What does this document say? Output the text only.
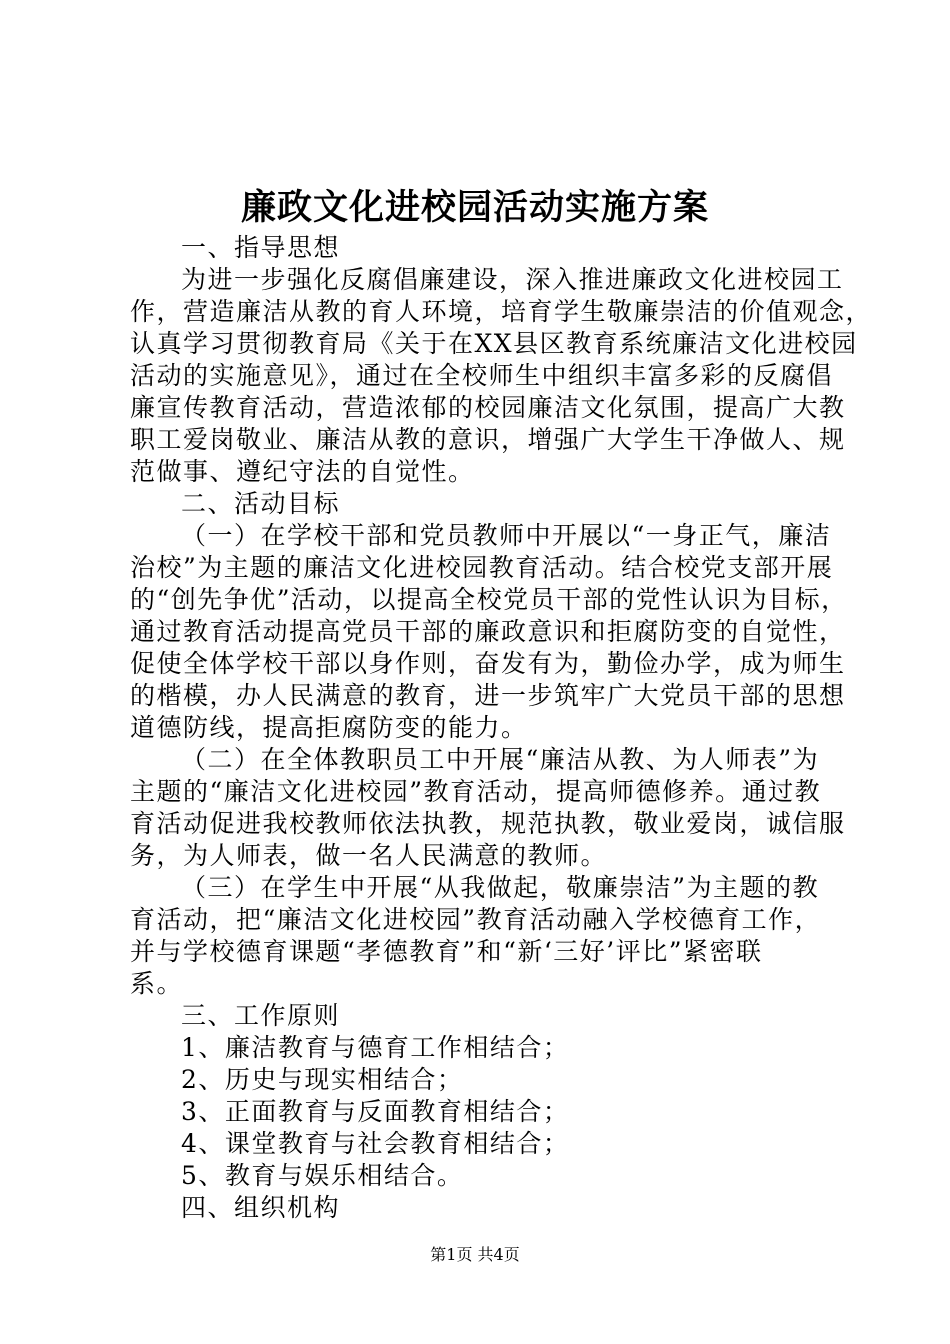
廉政文化进校园活动实施方案
一、指导思想
为进一步强化反腐倡廉建设，深入推进廉政文化进校园工
作，营造廉洁从教的育人环境，培育学生敬廉崇洁的价值观念，
认真学习贯彻教育局《关于在XX县区教育系统廉洁文化进校园
活动的实施意见》，通过在全校师生中组织丰富多彩的反腐倡
廉宣传教育活动，营造浓郁的校园廉洁文化氛围，提高广大教
职工爱岗敬业、廉洁从教的意识，增强广大学生干净做人、规
范做事、遵纪守法的自觉性。
二、活动目标
（一）在学校干部和党员教师中开展以“一身正气，廉洁
治校”为主题的廉洁文化进校园教育活动。结合校党支部开展
的“创先争优”活动，以提高全校党员干部的党性认识为目标，
通过教育活动提高党员干部的廉政意识和拒腐防变的自觉性，
促使全体学校干部以身作则，奋发有为，勤俭办学，成为师生
的楷模，办人民满意的教育，进一步筑牢广大党员干部的思想
道德防线，提高拒腐防变的能力。
（二）在全体教职员工中开展“廉洁从教、为人师表”为
主题的“廉洁文化进校园”教育活动，提高师德修养。通过教
育活动促进我校教师依法执教，规范执教，敬业爱岗，诚信服
务，为人师表，做一名人民满意的教师。
（三）在学生中开展“从我做起，敬廉崇洁”为主题的教
育活动，把“廉洁文化进校园”教育活动融入学校德育工作，
并与学校德育课题“孝德教育”和“新‘三好’评比”紧密联
系。
三、工作原则
1、廉洁教育与德育工作相结合；
2、历史与现实相结合；
3、正面教育与反面教育相结合；
4、课堂教育与社会教育相结合；
5、教育与娱乐相结合。
四、组织机构
第1页 共4页
